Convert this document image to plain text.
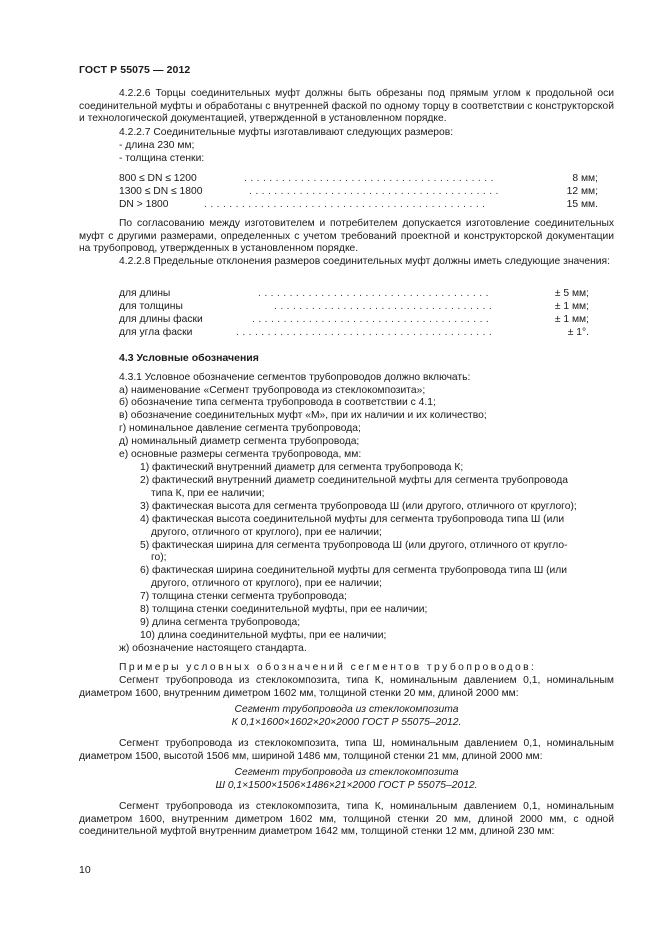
ГОСТ Р 55075 — 2012
4.2.2.6 Торцы соединительных муфт должны быть обрезаны под прямым углом к продольной оси соединительной муфты и обработаны с внутренней фаской по одному торцу в соответствии с конструкторской и технологической документацией, утвержденной в установленном порядке.
4.2.2.7 Соединительные муфты изготавливают следующих размеров:
- длина 230 мм;
- толщина стенки:
800 ≤ DN ≤ 1200	. . . . . . . . . . . . . . . . . . . . . . . . . . . . . . . . . . . . . . . .	8 мм;
1300 ≤ DN ≤ 1800	. . . . . . . . . . . . . . . . . . . . . . . . . . . . . . . . . . . . . . . .	12 мм;
DN > 1800	. . . . . . . . . . . . . . . . . . . . . . . . . . . . . . . . . . . . . . . . . . . . .	15 мм.
По согласованию между изготовителем и потребителем допускается изготовление соединительных муфт с другими размерами, определенных с учетом требований проектной и конструкторской документации на трубопровод, утвержденных в установленном порядке.
4.2.2.8 Предельные отклонения размеров соединительных муфт должны иметь следующие значения:
для длины	. . . . . . . . . . . . . . . . . . . . . . . . . . . . . . . . . . . . .	± 5 мм;
для толщины	. . . . . . . . . . . . . . . . . . . . . . . . . . . . . . . . . . .	± 1 мм;
для длины фаски	. . . . . . . . . . . . . . . . . . . . . . . . . . . . . . . . . . . . . .	± 1 мм;
для угла фаски	. . . . . . . . . . . . . . . . . . . . . . . . . . . . . . . . . . . . . . . . .	± 1°.
4.3 Условные обозначения
4.3.1 Условное обозначение сегментов трубопроводов должно включать:
а) наименование «Сегмент трубопровода из стеклокомпозита»;
б) обозначение типа сегмента трубопровода в соответствии с 4.1;
в) обозначение соединительных муфт «М», при их наличии и их количество;
г) номинальное давление сегмента трубопровода;
д) номинальный диаметр сегмента трубопровода;
е) основные размеры сегмента трубопровода, мм:
1) фактический внутренний диаметр для сегмента трубопровода К;
2) фактический внутренний диаметр соединительной муфты для сегмента трубопровода
типа К, при ее наличии;
3) фактическая высота для сегмента трубопровода Ш (или другого, отличного от круглого);
4) фактическая высота соединительной муфты для сегмента трубопровода типа Ш (или
другого, отличного от круглого), при ее наличии;
5) фактическая ширина для сегмента трубопровода Ш (или другого, отличного от кругло-
го);
6) фактическая ширина соединительной муфты для сегмента трубопровода типа Ш (или
другого, отличного от круглого), при ее наличии;
7) толщина стенки сегмента трубопровода;
8) толщина стенки соединительной муфты, при ее наличии;
9) длина сегмента трубопровода;
10) длина соединительной муфты, при ее наличии;
ж) обозначение настоящего стандарта.
Примеры условных обозначений сегментов трубопроводов:
Сегмент трубопровода из стеклокомпозита, типа К, номинальным давлением 0,1, номинальным диаметром 1600, внутренним диметром 1602 мм, толщиной стенки 20 мм, длиной 2000 мм:
Сегмент трубопровода из стеклокомпозита
К 0,1×1600×1602×20×2000 ГОСТ Р 55075–2012.
Сегмент трубопровода из стеклокомпозита, типа Ш, номинальным давлением 0,1, номинальным диаметром 1500, высотой 1506 мм, шириной 1486 мм, толщиной стенки 21 мм, длиной 2000 мм:
Сегмент трубопровода из стеклокомпозита
Ш 0,1×1500×1506×1486×21×2000 ГОСТ Р 55075–2012.
Сегмент трубопровода из стеклокомпозита, типа К, номинальным давлением 0,1, номинальным диаметром 1600, внутренним диметром 1602 мм, толщиной стенки 20 мм, длиной 2000 мм, с одной соединительной муфтой внутренним диаметром 1642 мм, толщиной стенки 12 мм, длиной 230 мм:
10
